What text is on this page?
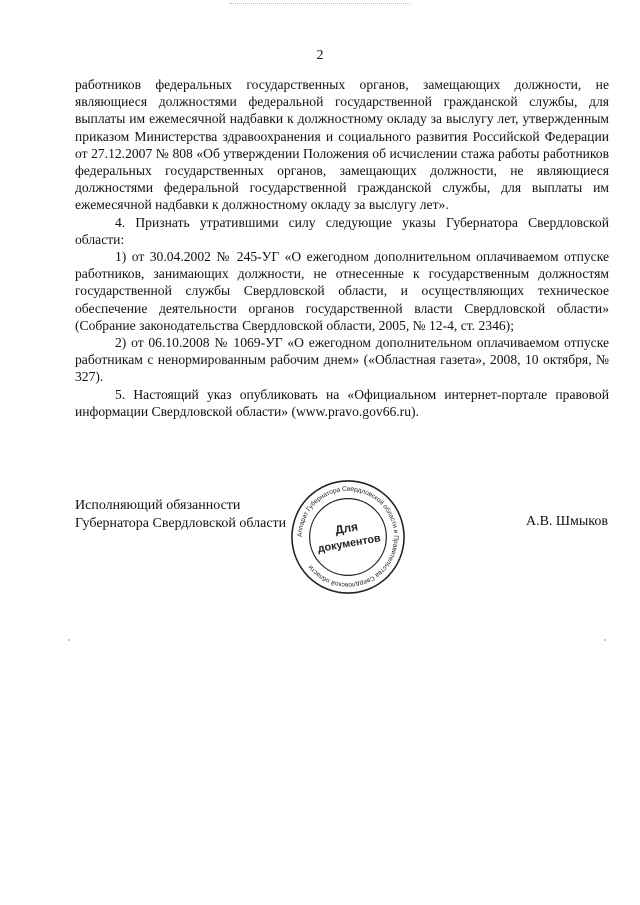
2

работников федеральных государственных органов, замещающих должности, не являющиеся должностями федеральной государственной гражданской службы, для выплаты им ежемесячной надбавки к должностному окладу за выслугу лет, утвержденным приказом Министерства здравоохранения и социального развития Российской Федерации от 27.12.2007 № 808 «Об утверждении Положения об исчислении стажа работы работников федеральных государственных органов, замещающих должности, не являющиеся должностями федеральной государственной гражданской службы, для выплаты им ежемесячной надбавки к должностному окладу за выслугу лет».

4. Признать утратившими силу следующие указы Губернатора Свердловской области:

1) от 30.04.2002 № 245-УГ «О ежегодном дополнительном оплачиваемом отпуске работников, занимающих должности, не отнесенные к государственным должностям государственной службы Свердловской области, и осуществляющих техническое обеспечение деятельности органов государственной власти Свердловской области» (Собрание законодательства Свердловской области, 2005, № 12-4, ст. 2346);

2) от 06.10.2008 № 1069-УГ «О ежегодном дополнительном оплачиваемом отпуске работникам с ненормированным рабочим днем» («Областная газета», 2008, 10 октября, № 327).

5. Настоящий указ опубликовать на «Официальном интернет-портале правовой информации Свердловской области» (www.pravo.gov66.ru).

Исполняющий обязанности
Губернатора Свердловской области	А.В. Шмыков
Аппарат Губернатора Свердловской области и Правительства Свердловской области
Для
документов
